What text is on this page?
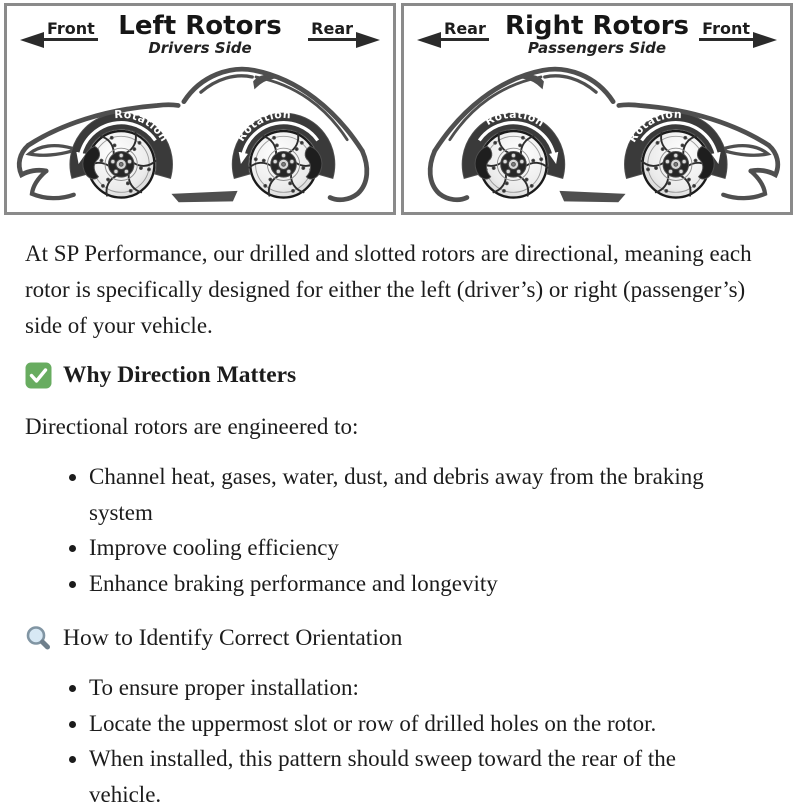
Front Left Rotors
Drivers Side
Rear
Rotation	Rotation
Rear Right Rotors
Passengers Side
Front
Rotation
Rotation

At SP Performance, our drilled and slotted rotors are directional, meaning each rotor is specifically designed for either the left (driver’s) or right (passenger’s) side of your vehicle.

Why Direction Matters

Directional rotors are engineered to:

• Channel heat, gases, water, dust, and debris away from the braking system
• Improve cooling efficiency
• Enhance braking performance and longevity
How to Identify Correct Orientation
• To ensure proper installation:
• Locate the uppermost slot or row of drilled holes on the rotor.
• When installed, this pattern should sweep toward the rear of the vehicle.
